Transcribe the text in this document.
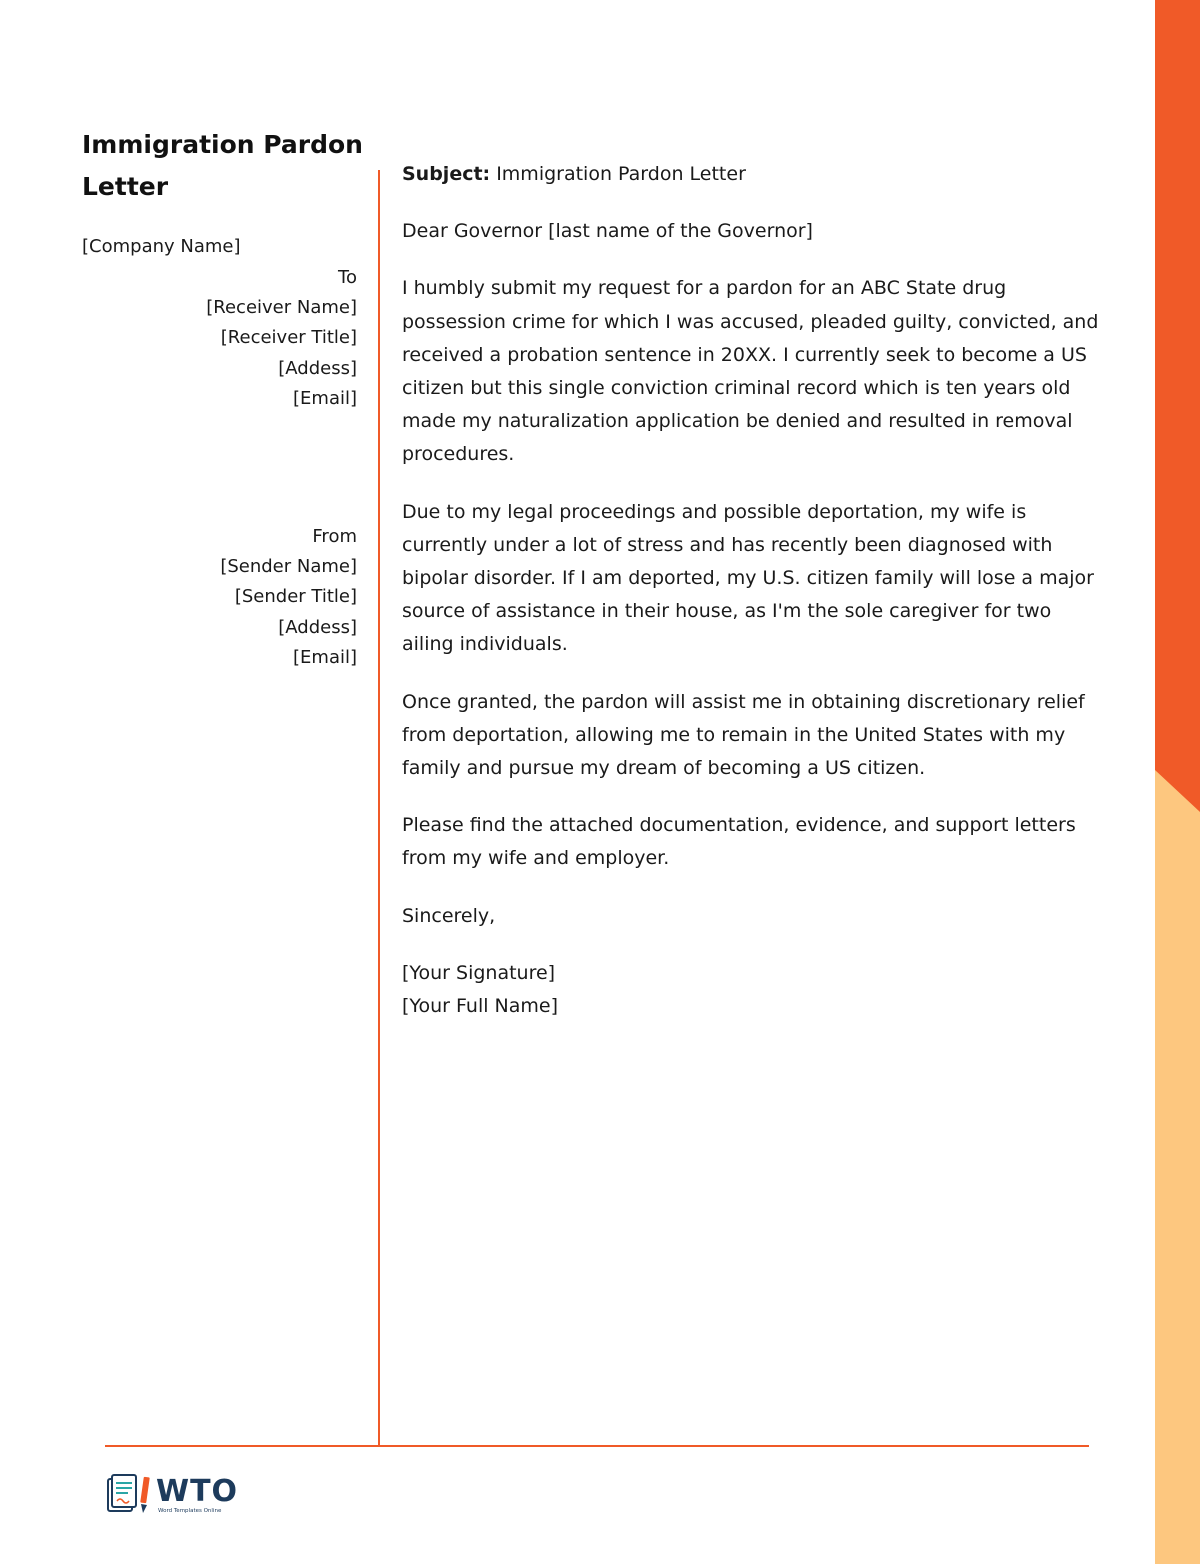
Immigration Pardon Letter
[Company Name]
To
[Receiver Name]
[Receiver Title]
[Addess]
[Email]
From
[Sender Name]
[Sender Title]
[Addess]
[Email]

Subject: Immigration Pardon Letter

Dear Governor [last name of the Governor]

I humbly submit my request for a pardon for an ABC State drug possession crime for which I was accused, pleaded guilty, convicted, and received a probation sentence in 20XX. I currently seek to become a US citizen but this single conviction criminal record which is ten years old made my naturalization application be denied and resulted in removal procedures.

Due to my legal proceedings and possible deportation, my wife is currently under a lot of stress and has recently been diagnosed with bipolar disorder. If I am deported, my U.S. citizen family will lose a major source of assistance in their house, as I'm the sole caregiver for two ailing individuals.

Once granted, the pardon will assist me in obtaining discretionary relief from deportation, allowing me to remain in the United States with my family and pursue my dream of becoming a US citizen.

Please find the attached documentation, evidence, and support letters from my wife and employer.

Sincerely,

[Your Signature]
[Your Full Name]
WTO
Word Templates Online
